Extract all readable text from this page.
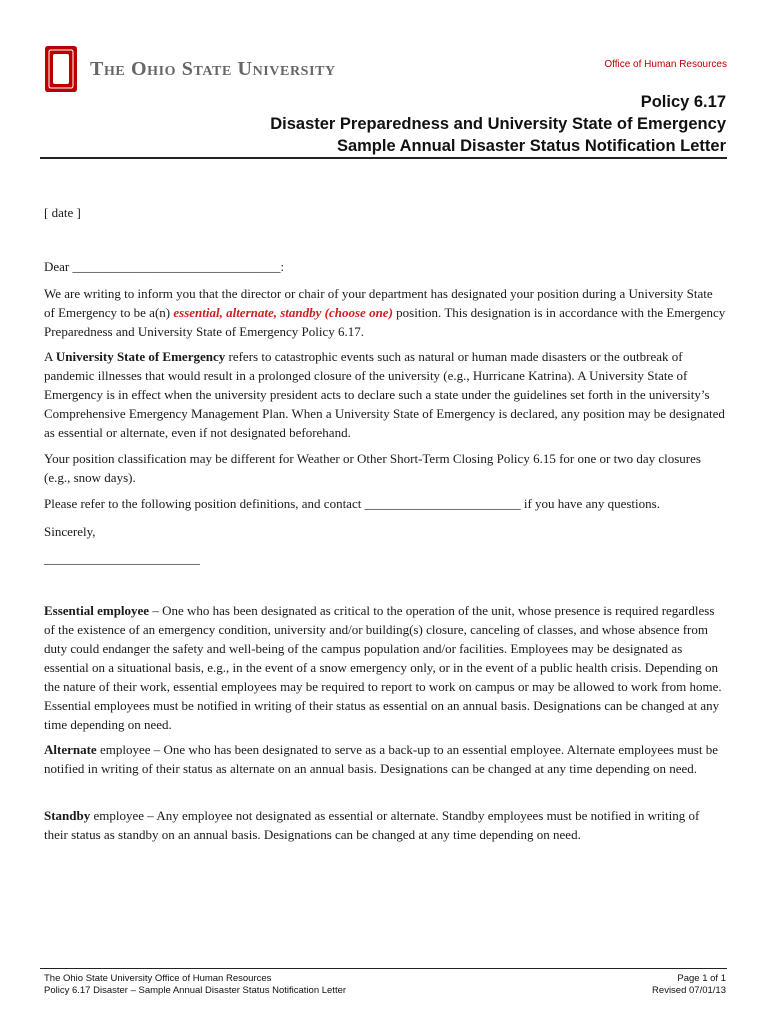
The Ohio State University	Office of Human Resources
Policy 6.17
Disaster Preparedness and University State of Emergency
Sample Annual Disaster Status Notification Letter

[ date ]

Dear ________________________________:

We are writing to inform you that the director or chair of your department has designated your position during a University State of Emergency to be a(n) essential, alternate, standby (choose one) position. This designation is in accordance with the Emergency Preparedness and University State of Emergency Policy 6.17.

A University State of Emergency refers to catastrophic events such as natural or human made disasters or the outbreak of pandemic illnesses that would result in a prolonged closure of the university (e.g., Hurricane Katrina). A University State of Emergency is in effect when the university president acts to declare such a state under the guidelines set forth in the university’s Comprehensive Emergency Management Plan. When a University State of Emergency is declared, any position may be designated as essential or alternate, even if not designated beforehand.

Your position classification may be different for Weather or Other Short-Term Closing Policy 6.15 for one or two day closures (e.g., snow days).

Please refer to the following position definitions, and contact ________________________ if you have any questions.

Sincerely,

________________________

Essential employee – One who has been designated as critical to the operation of the unit, whose presence is required regardless of the existence of an emergency condition, university and/or building(s) closure, canceling of classes, and whose absence from duty could endanger the safety and well-being of the campus population and/or facilities. Employees may be designated as essential on a situational basis, e.g., in the event of a snow emergency only, or in the event of a public health crisis. Depending on the nature of their work, essential employees may be required to report to work on campus or may be allowed to work from home. Essential employees must be notified in writing of their status as essential on an annual basis. Designations can be changed at any time depending on need.

Alternate employee – One who has been designated to serve as a back-up to an essential employee. Alternate employees must be notified in writing of their status as alternate on an annual basis. Designations can be changed at any time depending on need.

Standby employee – Any employee not designated as essential or alternate. Standby employees must be notified in writing of their status as standby on an annual basis. Designations can be changed at any time depending on need.

The Ohio State University Office of Human Resources
Policy 6.17 Disaster – Sample Annual Disaster Status Notification Letter
Page 1 of 1
Revised 07/01/13
